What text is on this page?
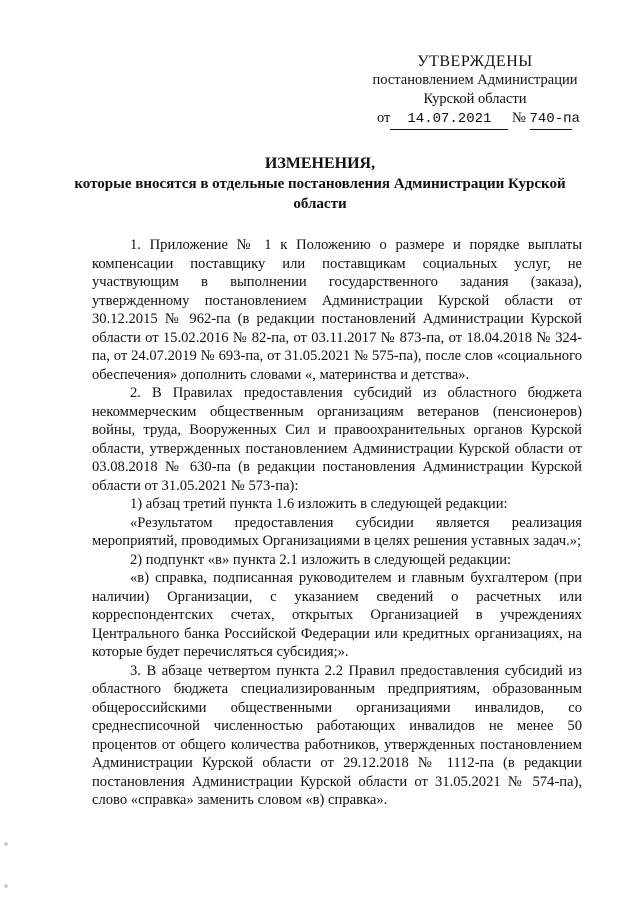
УТВЕРЖДЕНЫ
постановлением Администрации
Курской области
от 14.07.2021 № 740-па
ИЗМЕНЕНИЯ,
которые вносятся в отдельные постановления Администрации Курской области

1. Приложение № 1 к Положению о размере и порядке выплаты компенсации поставщику или поставщикам социальных услуг, не участвующим в выполнении государственного задания (заказа), утвержденному постановлением Администрации Курской области от 30.12.2015 № 962-па (в редакции постановлений Администрации Курской области от 15.02.2016 № 82-па, от 03.11.2017 № 873-па, от 18.04.2018 № 324-па, от 24.07.2019 № 693-па, от 31.05.2021 № 575-па), после слов «социального обеспечения» дополнить словами «, материнства и детства».

2. В Правилах предоставления субсидий из областного бюджета некоммерческим общественным организациям ветеранов (пенсионеров) войны, труда, Вооруженных Сил и правоохранительных органов Курской области, утвержденных постановлением Администрации Курской области от 03.08.2018 № 630-па (в редакции постановления Администрации Курской области от 31.05.2021 № 573-па):

1) абзац третий пункта 1.6 изложить в следующей редакции:

«Результатом предоставления субсидии является реализация мероприятий, проводимых Организациями в целях решения уставных задач.»;

2) подпункт «в» пункта 2.1 изложить в следующей редакции:

«в) справка, подписанная руководителем и главным бухгалтером (при наличии) Организации, с указанием сведений о расчетных или корреспондентских счетах, открытых Организацией в учреждениях Центрального банка Российской Федерации или кредитных организациях, на которые будет перечисляться субсидия;».

3. В абзаце четвертом пункта 2.2 Правил предоставления субсидий из областного бюджета специализированным предприятиям, образованным общероссийскими общественными организациями инвалидов, со среднесписочной численностью работающих инвалидов не менее 50 процентов от общего количества работников, утвержденных постановлением Администрации Курской области от 29.12.2018 № 1112-па (в редакции постановления Администрации Курской области от 31.05.2021 № 574-па), слово «справка» заменить словом «в) справка».
